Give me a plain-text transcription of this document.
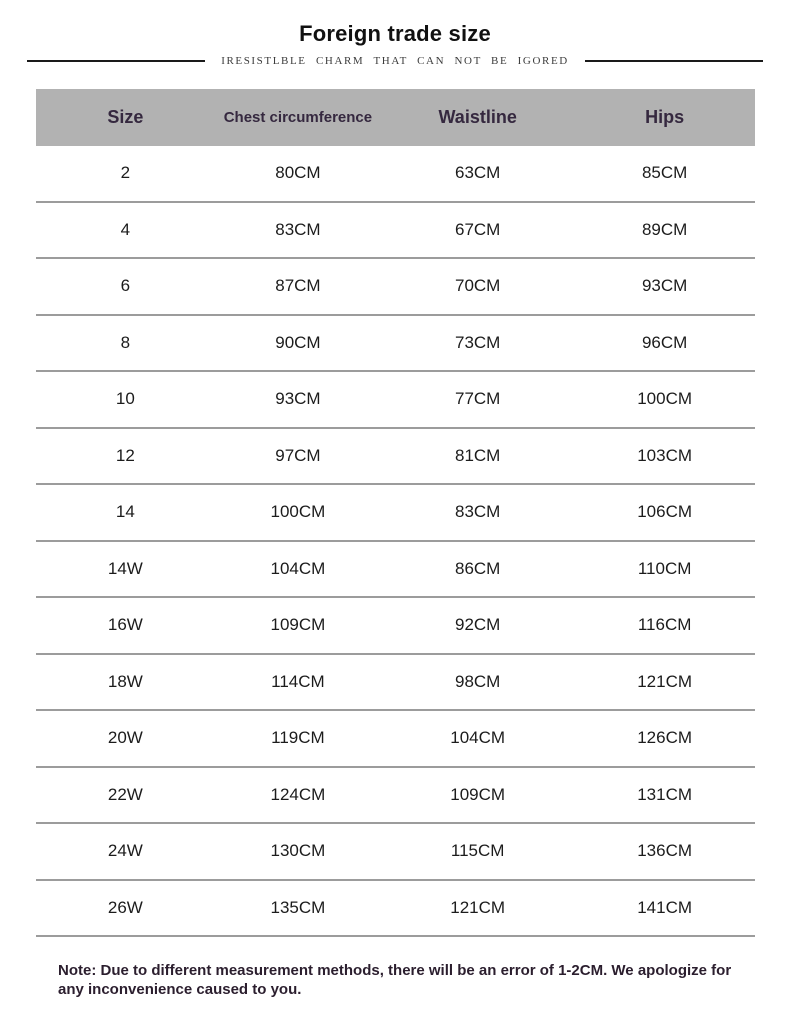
Foreign trade size
IRESISTLBLE CHARM THAT CAN NOT BE IGORED
Size	Chest circumference	Waistline	Hips
2	80CM	63CM	85CM
4	83CM	67CM	89CM
6	87CM	70CM	93CM
8	90CM	73CM	96CM
10	93CM	77CM	100CM
12	97CM	81CM	103CM
14	100CM	83CM	106CM
14W	104CM	86CM	110CM
16W	109CM	92CM	116CM
18W	114CM	98CM	121CM
20W	119CM	104CM	126CM
22W	124CM	109CM	131CM
24W	130CM	115CM	136CM
26W	135CM	121CM	141CM

Note: Due to different measurement methods, there will be an error of 1-2CM. We apologize for any inconvenience caused to you.
